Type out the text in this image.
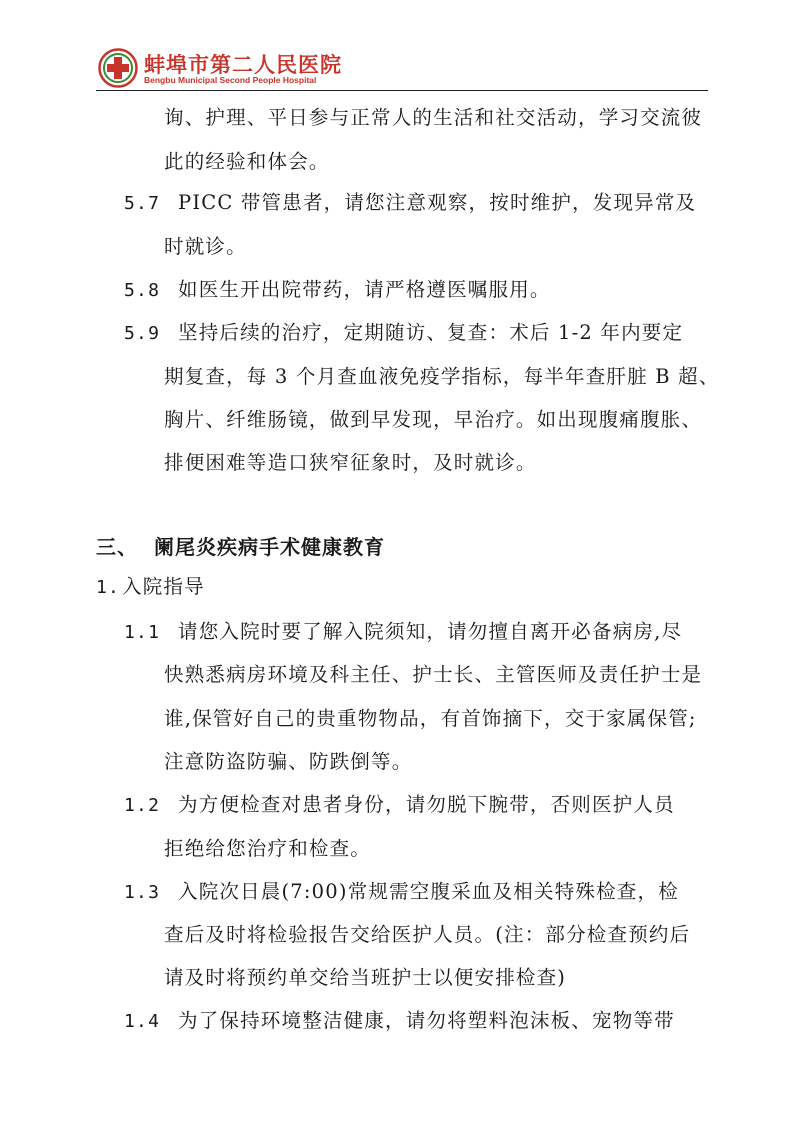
蚌埠市第二人民医院
Bengbu Municipal Second People Hospital
询、护理、平日参与正常人的生活和社交活动，学习交流彼
此的经验和体会。
5.7 PICC 带管患者，请您注意观察，按时维护，发现异常及
时就诊。
5.8 如医生开出院带药，请严格遵医嘱服用。
5.9 坚持后续的治疗，定期随访、复查：术后 1-2 年内要定
期复查，每 3 个月查血液免疫学指标，每半年查肝脏 B 超、
胸片、纤维肠镜，做到早发现，早治疗。如出现腹痛腹胀、
排便困难等造口狭窄征象时，及时就诊。
三、 阑尾炎疾病手术健康教育
1.入院指导
1.1 请您入院时要了解入院须知，请勿擅自离开必备病房,尽
快熟悉病房环境及科主任、护士长、主管医师及责任护士是
谁,保管好自己的贵重物物品，有首饰摘下，交于家属保管;
注意防盗防骗、防跌倒等。
1.2 为方便检查对患者身份，请勿脱下腕带，否则医护人员
拒绝给您治疗和检查。
1.3 入院次日晨(7:00)常规需空腹采血及相关特殊检查，检
查后及时将检验报告交给医护人员。(注：部分检查预约后
请及时将预约单交给当班护士以便安排检查)
1.4 为了保持环境整洁健康，请勿将塑料泡沫板、宠物等带
